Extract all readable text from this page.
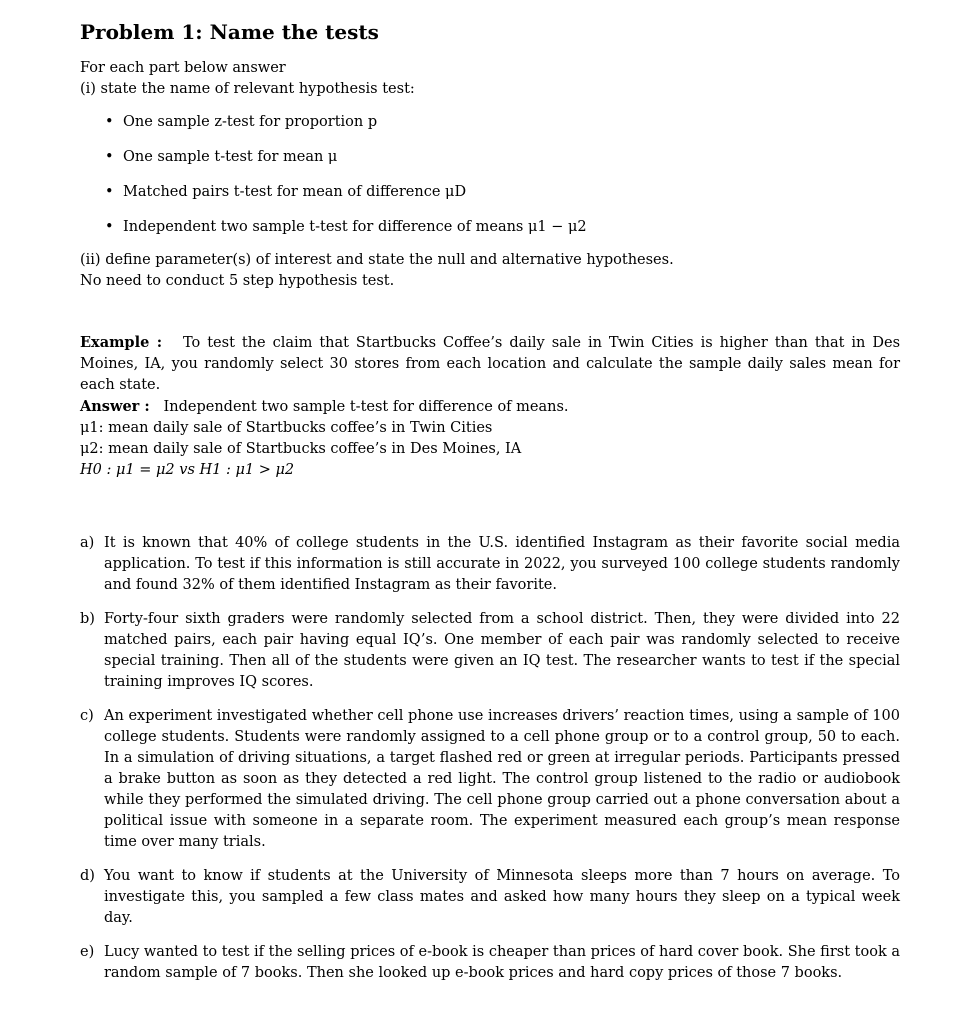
Problem 1: Name the tests

For each part below answer

(i) state the name of relevant hypothesis test:

• One sample z-test for proportion p
• One sample t-test for mean μ
• Matched pairs t-test for mean of difference μD
• Independent two sample t-test for difference of means μ1 − μ2

(ii) define parameter(s) of interest and state the null and alternative hypotheses.

No need to conduct 5 step hypothesis test.

Example : To test the claim that Startbucks Coffee’s daily sale in Twin Cities is higher than that in Des Moines, IA, you randomly select 30 stores from each location and calculate the sample daily sales mean for each state.
Answer : Independent two sample t-test for difference of means.
μ1: mean daily sale of Startbucks coffee’s in Twin Cities
μ2: mean daily sale of Startbucks coffee’s in Des Moines, IA
H0 : μ1 = μ2 vs H1 : μ1 > μ2
a) It is known that 40% of college students in the U.S. identified Instagram as their favorite social media application. To test if this information is still accurate in 2022, you surveyed 100 college students randomly and found 32% of them identified Instagram as their favorite.
b) Forty-four sixth graders were randomly selected from a school district. Then, they were divided into 22 matched pairs, each pair having equal IQ’s. One member of each pair was randomly selected to receive special training. Then all of the students were given an IQ test. The researcher wants to test if the special training improves IQ scores.
c) An experiment investigated whether cell phone use increases drivers’ reaction times, using a sample of 100 college students. Students were randomly assigned to a cell phone group or to a control group, 50 to each. In a simulation of driving situations, a target flashed red or green at irregular periods. Participants pressed a brake button as soon as they detected a red light. The control group listened to the radio or audiobook while they performed the simulated driving. The cell phone group carried out a phone conversation about a political issue with someone in a separate room. The experiment measured each group’s mean response time over many trials.
d) You want to know if students at the University of Minnesota sleeps more than 7 hours on average. To investigate this, you sampled a few class mates and asked how many hours they sleep on a typical week day.
e) Lucy wanted to test if the selling prices of e-book is cheaper than prices of hard cover book. She first took a random sample of 7 books. Then she looked up e-book prices and hard copy prices of those 7 books.
